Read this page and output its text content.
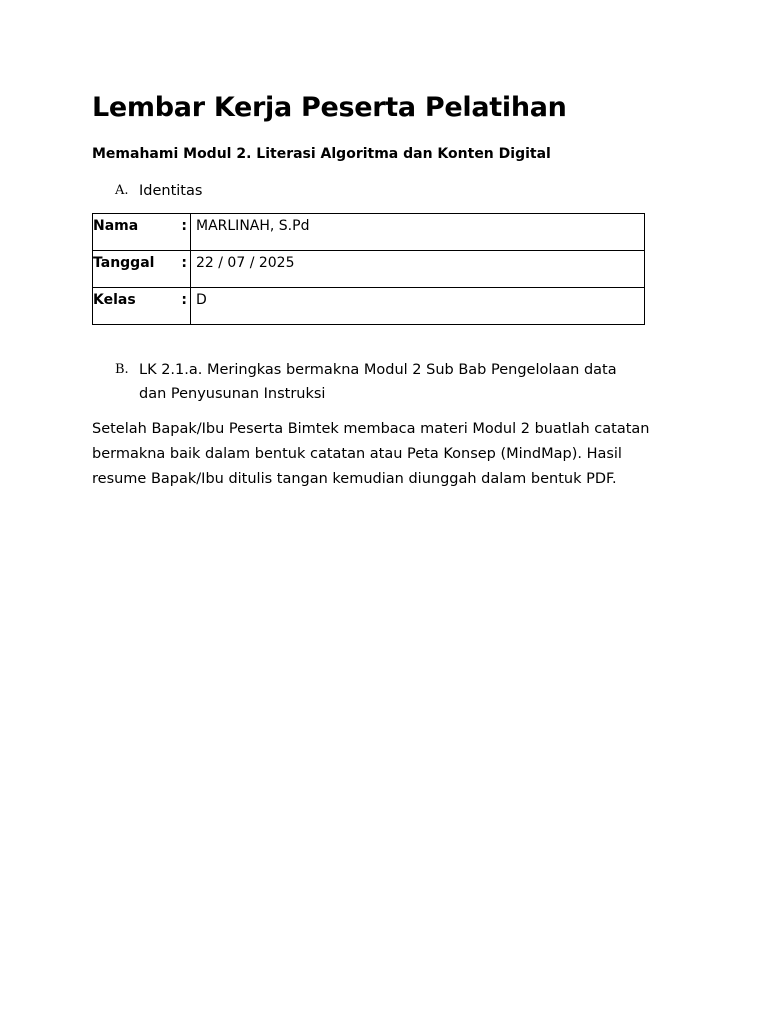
Lembar Kerja Peserta Pelatihan

Memahami Modul 2. Literasi Algoritma dan Konten Digital

A. Identitas
Nama :	MARLINAH, S.Pd

Tanggal :	22 / 07 / 2025

Kelas :	D
B. LK 2.1.a. Meringkas bermakna Modul 2 Sub Bab Pengelolaan data dan Penyusunan Instruksi

Setelah Bapak/Ibu Peserta Bimtek membaca materi Modul 2 buatlah catatan bermakna baik dalam bentuk catatan atau Peta Konsep (MindMap). Hasil resume Bapak/Ibu ditulis tangan kemudian diunggah dalam bentuk PDF.
